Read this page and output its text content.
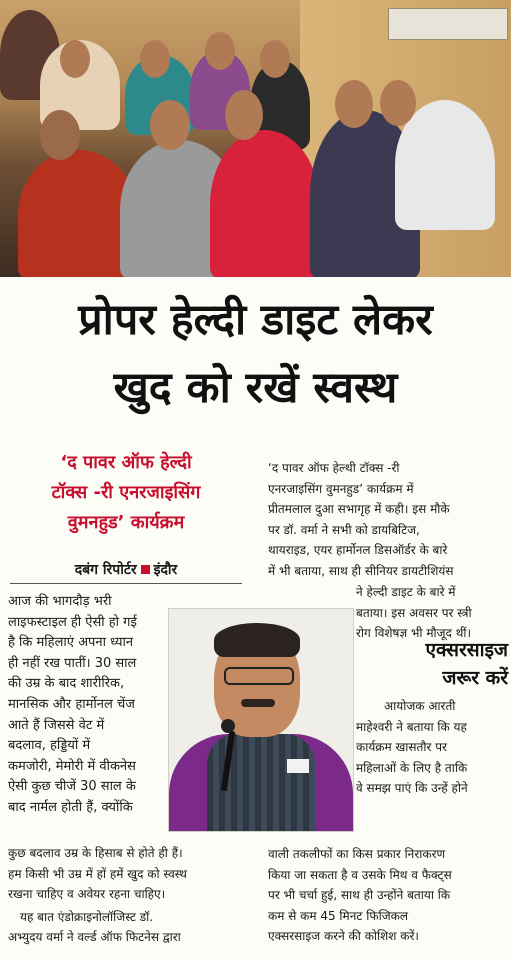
प्रोपर हेल्दी डाइट लेकर
खुद को रखें स्वस्थ
‘द पावर ऑफ हेल्दी
टॉक्स -री एनरजाइसिंग
वुमनहुड’ कार्यक्रम
दबंग रिपोर्टर इंदौर

आज की भागदौड़ भरी

लाइफस्टाइल ही ऐसी हो गई

है कि महिलाएं अपना ध्यान

ही नहीं रख पातीं। 30 साल

की उम्र के बाद शारीरिक,

मानसिक और हार्मोनल चेंज

आते हैं जिससे वेट में

बदलाव, हड्डियों में

कमजोरी, मेमोरी में वीकनेस

ऐसी कुछ चीजें 30 साल के

बाद नार्मल होती हैं, क्योंकि

कुछ बदलाव उम्र के हिसाब से होते ही हैं।

हम किसी भी उम्र में हों हमें खुद को स्वस्थ

रखना चाहिए व अवेयर रहना चाहिए।

यह बात एंडोक्राइनोलॉजिस्ट डॉ.

अभ्युदय वर्मा ने वर्ल्ड ऑफ फिटनेस द्वारा

‘द पावर ऑफ हेल्थी टॉक्स -री

एनरजाइसिंग वुमनहुड’ कार्यक्रम में

प्रीतमलाल दुआ सभागृह में कही। इस मौके

पर डॉ. वर्मा ने सभी को डायबिटिज,

थायराइड, एयर हार्मोनल डिसऑर्डर के बारे

में भी बताया, साथ ही सीनियर डायटीशियंस

ने हेल्दी डाइट के बारे में

बताया। इस अवसर पर स्त्री

रोग विशेषज्ञ भी मौजूद थीं।

एक्सरसाइज
जरूर करें

आयोजक आरती

माहेश्वरी ने बताया कि यह

कार्यक्रम खासतौर पर

महिलाओं के लिए है ताकि

वे समझ पाएं कि उन्हें होने

वाली तकलीफों का किस प्रकार निराकरण

किया जा सकता है व उसके मिथ व फैक्ट्स

पर भी चर्चा हुई, साथ ही उन्होंने बताया कि

कम से कम 45 मिनट फिजिकल

एक्सरसाइज करने की कोशिश करें।
